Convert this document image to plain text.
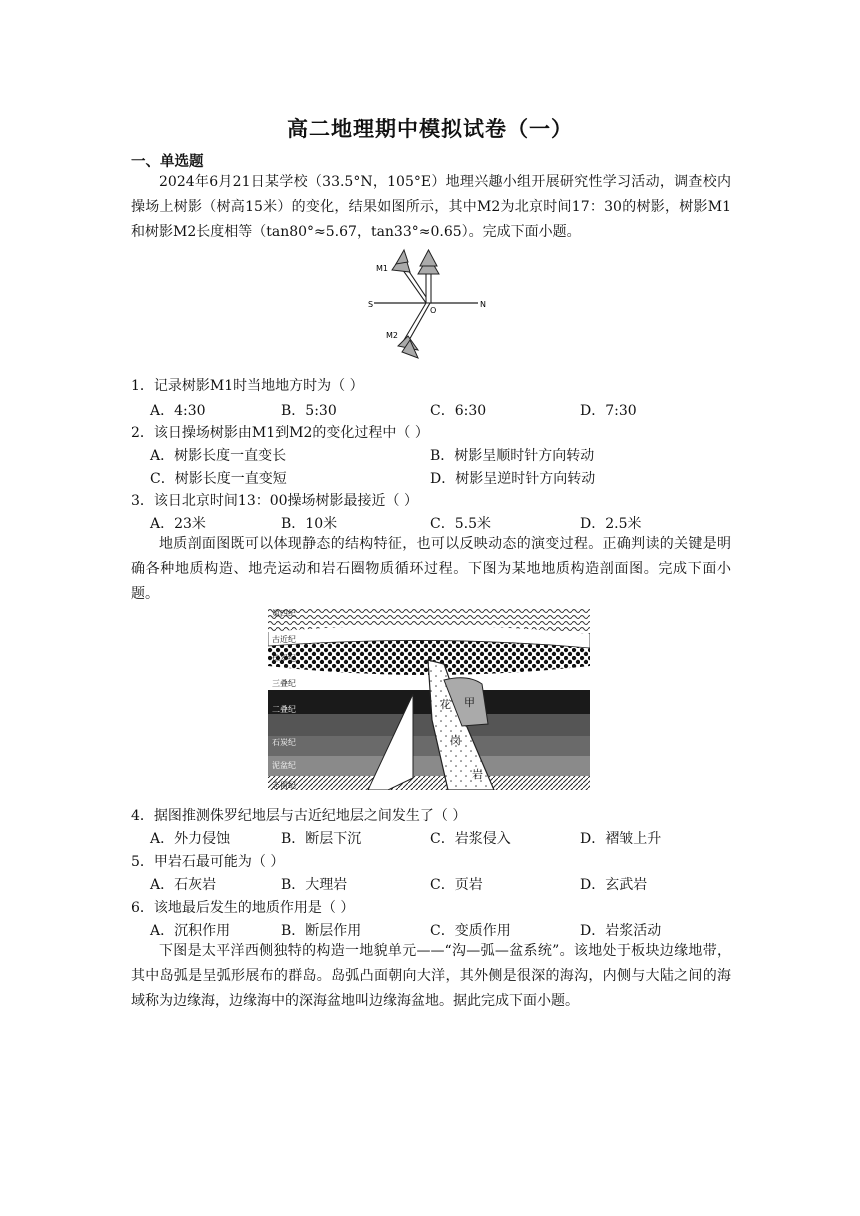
高二地理期中模拟试卷（一）
一、单选题
2024年6月21日某学校（33.5°N，105°E）地理兴趣小组开展研究性学习活动，调查校内操场上树影（树高15米）的变化，结果如图所示，其中M2为北京时间17：30的树影，树影M1和树影M2长度相等（tan80°≈5.67，tan33°≈0.65）。完成下面小题。
S	N
O
M1
M2
1．记录树影M1时当地地方时为（ ）
A．4:30	B．5:30	C．6:30	D．7:30
2．该日操场树影由M1到M2的变化过程中（ ）
A．树影长度一直变长	B．树影呈顺时针方向转动
C．树影长度一直变短	D．树影呈逆时针方向转动
3．该日北京时间13：00操场树影最接近（ ）
A．23米	B．10米	C．5.5米	D．2.5米
地质剖面图既可以体现静态的结构特征，也可以反映动态的演变过程。正确判读的关键是明确各种地质构造、地壳运动和岩石圈物质循环过程。下图为某地地质构造剖面图。完成下面小题。
第四纪
古近纪
侏罗纪
三叠纪
二叠纪
石炭纪
泥盆纪
志留纪
花
岗
岩
甲
4．据图推测侏罗纪地层与古近纪地层之间发生了（ ）
A．外力侵蚀	B．断层下沉	C．岩浆侵入	D．褶皱上升
5．甲岩石最可能为（ ）
A．石灰岩	B．大理岩	C．页岩	D．玄武岩
6．该地最后发生的地质作用是（ ）
A．沉积作用	B．断层作用	C．变质作用	D．岩浆活动
下图是太平洋西侧独特的构造一地貌单元——“沟—弧—盆系统”。该地处于板块边缘地带，其中岛弧是呈弧形展布的群岛。岛弧凸面朝向大洋，其外侧是很深的海沟，内侧与大陆之间的海域称为边缘海，边缘海中的深海盆地叫边缘海盆地。据此完成下面小题。
